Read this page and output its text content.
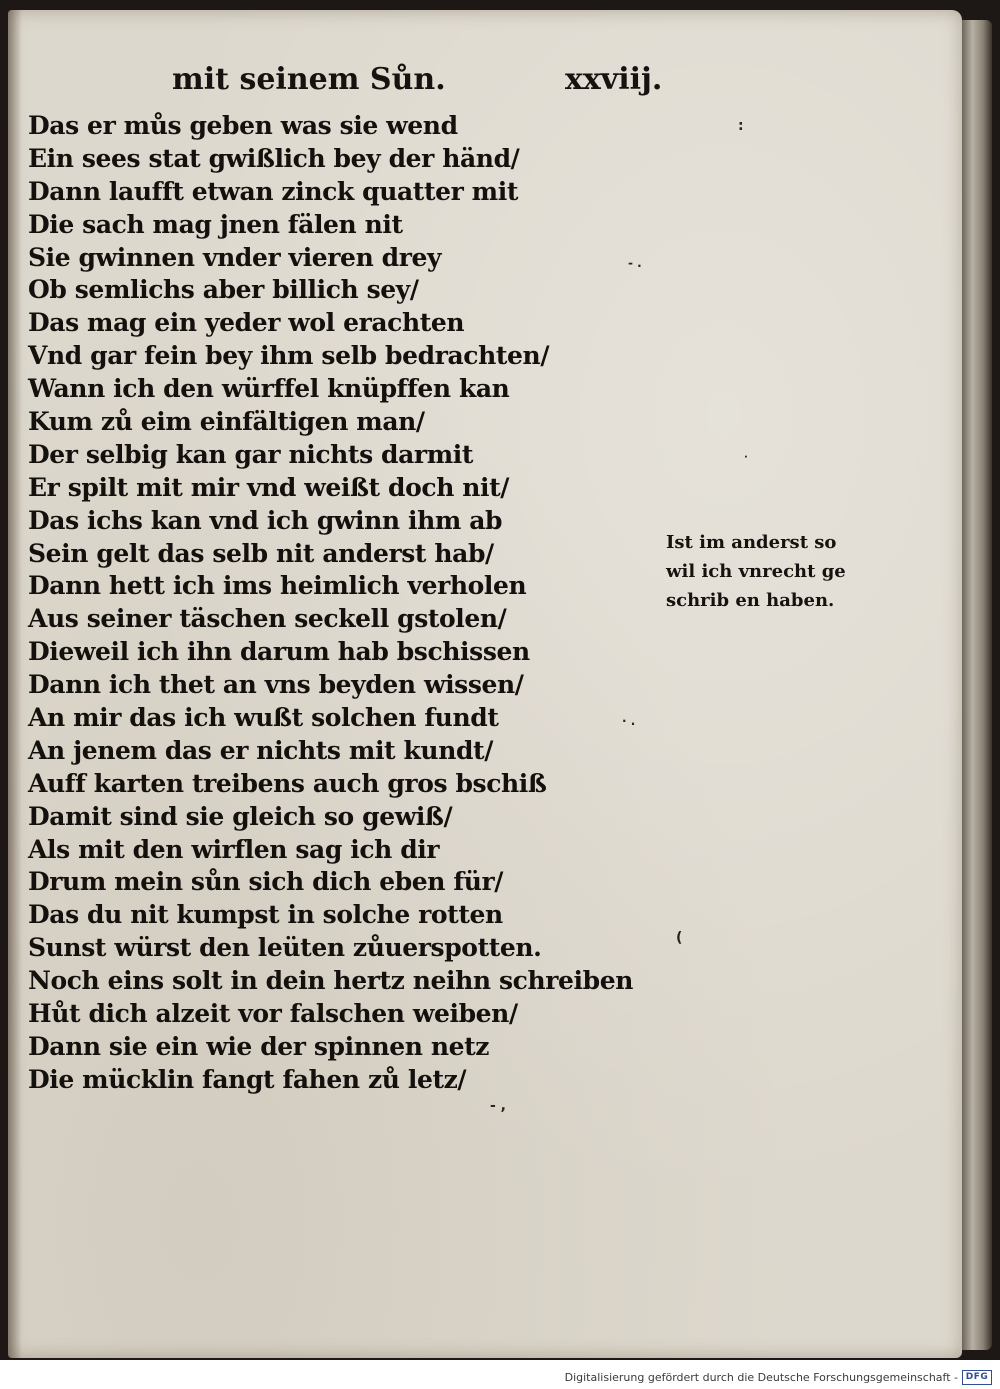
mit seinem Sůn.	xxviij.
Das er můs geben was sie wend
Ein sees stat gwißlich bey der händ/
Dann laufft etwan zinck quatter mit
Die sach mag jnen fälen nit
Sie gwinnen vnder vieren drey
Ob semlichs aber billich sey/
Das mag ein yeder wol erachten
Vnd gar fein bey ihm selb bedrachten/
Wann ich den würffel knüpffen kan
Kum zů eim einfältigen man/
Der selbig kan gar nichts darmit
Er spilt mit mir vnd weißt doch nit/
Das ichs kan vnd ich gwinn ihm ab
Sein gelt das selb nit anderst hab/
Dann hett ich ims heimlich verholen
Aus seiner täschen seckell gstolen/
Dieweil ich ihn darum hab bschissen
Dann ich thet an vns beyden wissen/
An mir das ich wußt solchen fundt
An jenem das er nichts mit kundt/
Auff karten treibens auch gros bschiß
Damit sind sie gleich so gewiß/
Als mit den wirflen sag ich dir
Drum mein sůn sich dich eben für/
Das du nit kumpst in solche rotten
Sunst würst den leüten zůuerspotten.
Noch eins solt in dein hertz neihn schreiben
Hůt dich alzeit vor falschen weiben/
Dann sie ein wie der spinnen netz
Die mücklin fangt fahen zů letz/
Ist im anderst so
wil ich vnrecht ge
schrib en haben.
:
- .
·
· .
(
- ,
Digitalisierung gefördert durch die Deutsche Forschungsgemeinschaft - DFG
